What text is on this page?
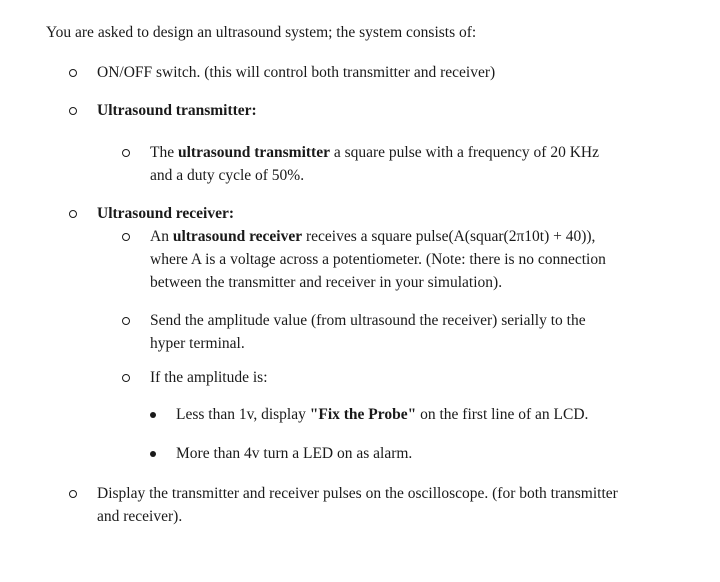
You are asked to design an ultrasound system; the system consists of:
ON/OFF switch. (this will control both transmitter and receiver)
Ultrasound transmitter:
The ultrasound transmitter a square pulse with a frequency of 20 KHz
and a duty cycle of 50%.
Ultrasound receiver:
An ultrasound receiver receives a square pulse(A(squar(2π10t) + 40)),
where A is a voltage across a potentiometer. (Note: there is no connection
between the transmitter and receiver in your simulation).
Send the amplitude value (from ultrasound the receiver) serially to the
hyper terminal.
If the amplitude is:
Less than 1v, display "Fix the Probe" on the first line of an LCD.
More than 4v turn a LED on as alarm.
Display the transmitter and receiver pulses on the oscilloscope. (for both transmitter
and receiver).
